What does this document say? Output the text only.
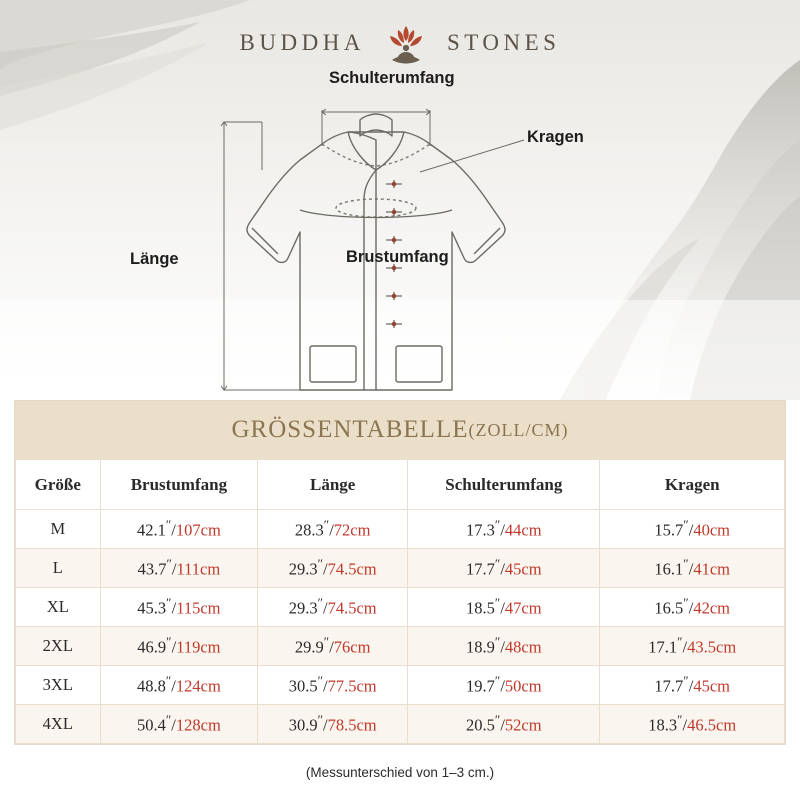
BUDDHA	STONES
Schulterumfang
Kragen
Länge	Brustumfang
GRÖSSENTABELLE (ZOLL/CM)
Größe	Brustumfang	Länge	Schulterumfang	Kragen
M	42.1″/107cm	28.3″/72cm	17.3″/44cm	15.7″/40cm
L	43.7″/111cm	29.3″/74.5cm	17.7″/45cm	16.1″/41cm
XL	45.3″/115cm	29.3″/74.5cm	18.5″/47cm	16.5″/42cm
2XL	46.9″/119cm	29.9″/76cm	18.9″/48cm	17.1″/43.5cm
3XL	48.8″/124cm	30.5″/77.5cm	19.7″/50cm	17.7″/45cm
4XL	50.4″/128cm	30.9″/78.5cm	20.5″/52cm	18.3″/46.5cm
(Messunterschied von 1–3 cm.)
